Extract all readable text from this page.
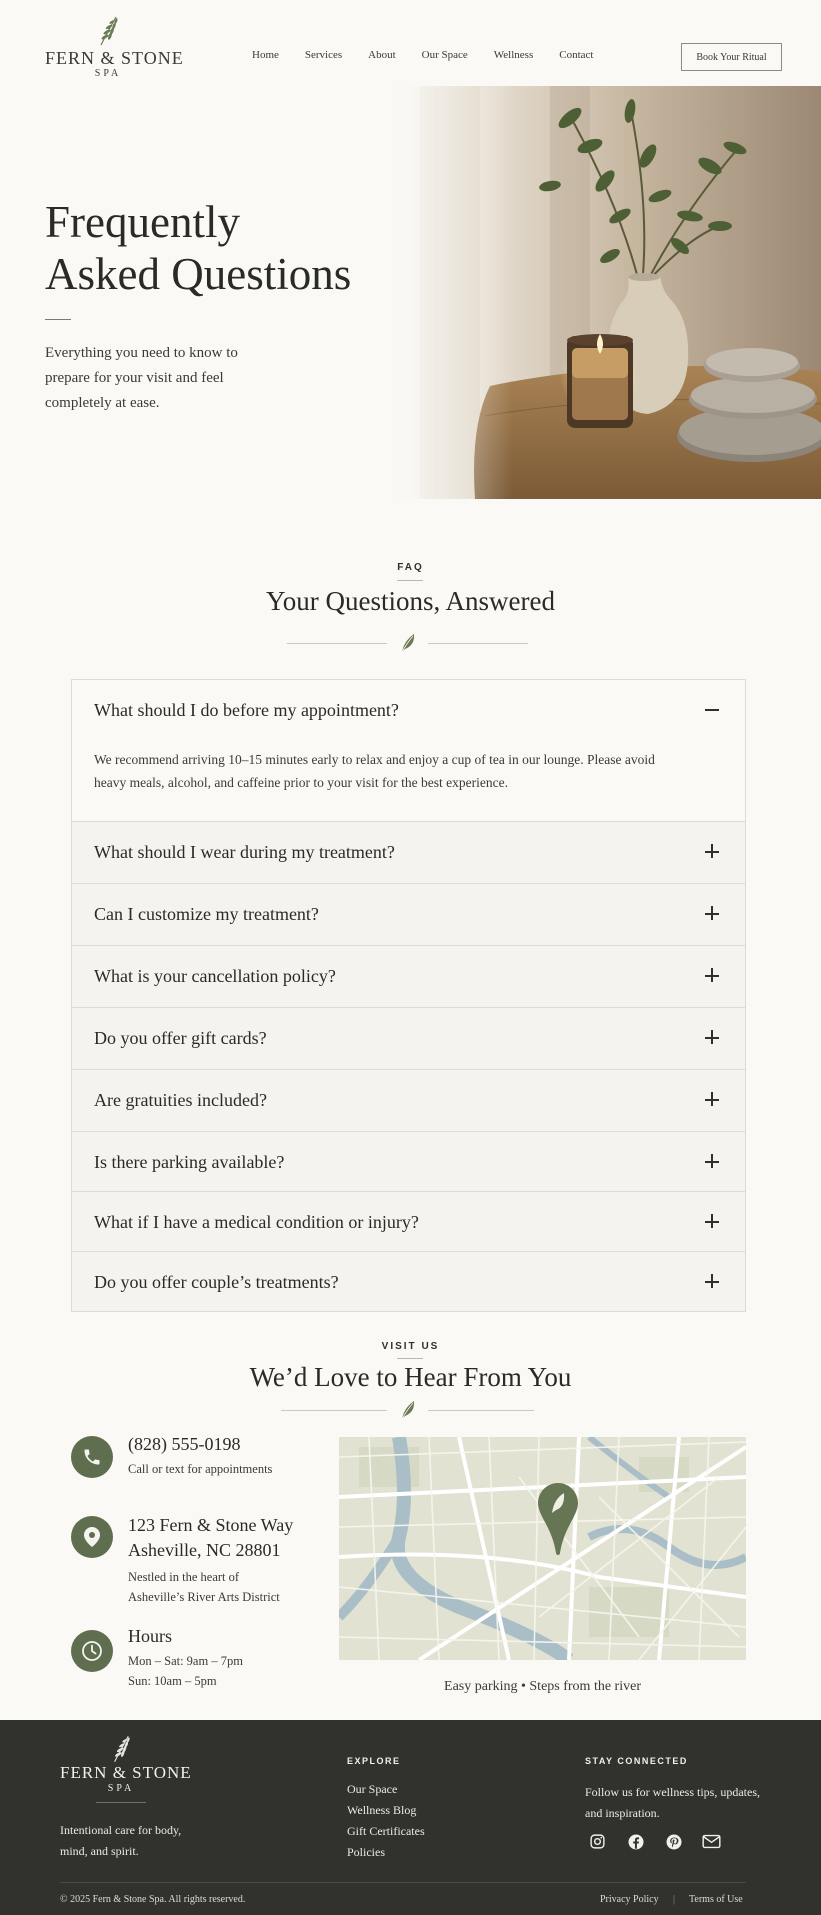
FERN & STONE
SPA
Home Services About Our Space Wellness Contact	Book Your Ritual
Frequently
Asked Questions

Everything you need to know to prepare for your visit and feel completely at ease.

FAQ
Your Questions, Answered
What should I do before my appointment?

We recommend arriving 10–15 minutes early to relax and enjoy a cup of tea in our lounge. Please avoid heavy meals, alcohol, and caffeine prior to your visit for the best experience.

What should I wear during my treatment?
Can I customize my treatment?
What is your cancellation policy?
Do you offer gift cards?
Are gratuities included?
Is there parking available?
What if I have a medical condition or injury?
Do you offer couple’s treatments?
VISIT US
We’d Love to Hear From You
(828) 555-0198
Call or text for appointments
123 Fern & Stone Way
Asheville, NC 28801
Nestled in the heart of
Asheville’s River Arts District
Hours
Mon – Sat: 9am – 7pm
Sun: 10am – 5pm	Easy parking • Steps from the river
FERN & STONE
SPA

Intentional care for body, mind, and spirit.

EXPLORE
Our Space
Wellness Blog
Gift Certificates
Policies
STAY CONNECTED

Follow us for wellness tips, updates, and inspiration.

© 2025 Fern & Stone Spa. All rights reserved.	Privacy Policy | Terms of Use
